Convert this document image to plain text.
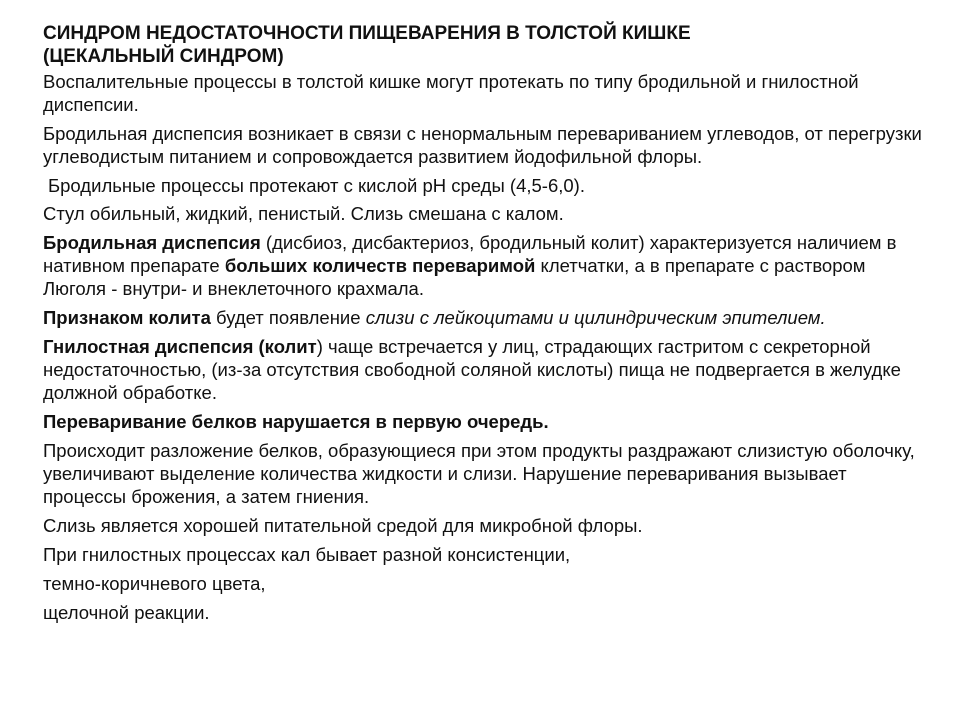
СИНДРОМ НЕДОСТАТОЧНОСТИ ПИЩЕВАРЕНИЯ В ТОЛСТОЙ КИШКЕ
(ЦЕКАЛЬНЫЙ СИНДРОМ)

Воспалительные процессы в толстой кишке могут протекать по типу бродильной и гнилостной диспепсии.

Бродильная диспепсия возникает в связи с ненормальным перевариванием углеводов, от перегрузки углеводистым питанием и сопровождается развитием йодофильной флоры.

Бродильные процессы протекают с кислой рН среды (4,5-6,0).

Стул обильный, жидкий, пенистый. Слизь смешана с калом.

Бродильная диспепсия (дисбиоз, дисбактериоз, бродильный колит) характеризуется наличием в нативном препарате больших количеств переваримой клетчатки, а в препарате с раствором Люголя - внутри- и внеклеточного крахмала.

Признаком колита будет появление слизи с лейкоцитами и цилиндрическим эпителием.

Гнилостная диспепсия (колит) чаще встречается у лиц, страдающих гастритом с секреторной недостаточностью, (из-за отсутствия свободной соляной кислоты) пища не подвергается в желудке должной обработке.

Переваривание белков нарушается в первую очередь.

Происходит разложение белков, образующиеся при этом продукты раздражают слизистую оболочку, увеличивают выделение количества жидкости и слизи. Нарушение переваривания вызывает процессы брожения, а затем гниения.

Слизь является хорошей питательной средой для микробной флоры.

При гнилостных процессах кал бывает разной консистенции,

темно-коричневого цвета,

щелочной реакции.
